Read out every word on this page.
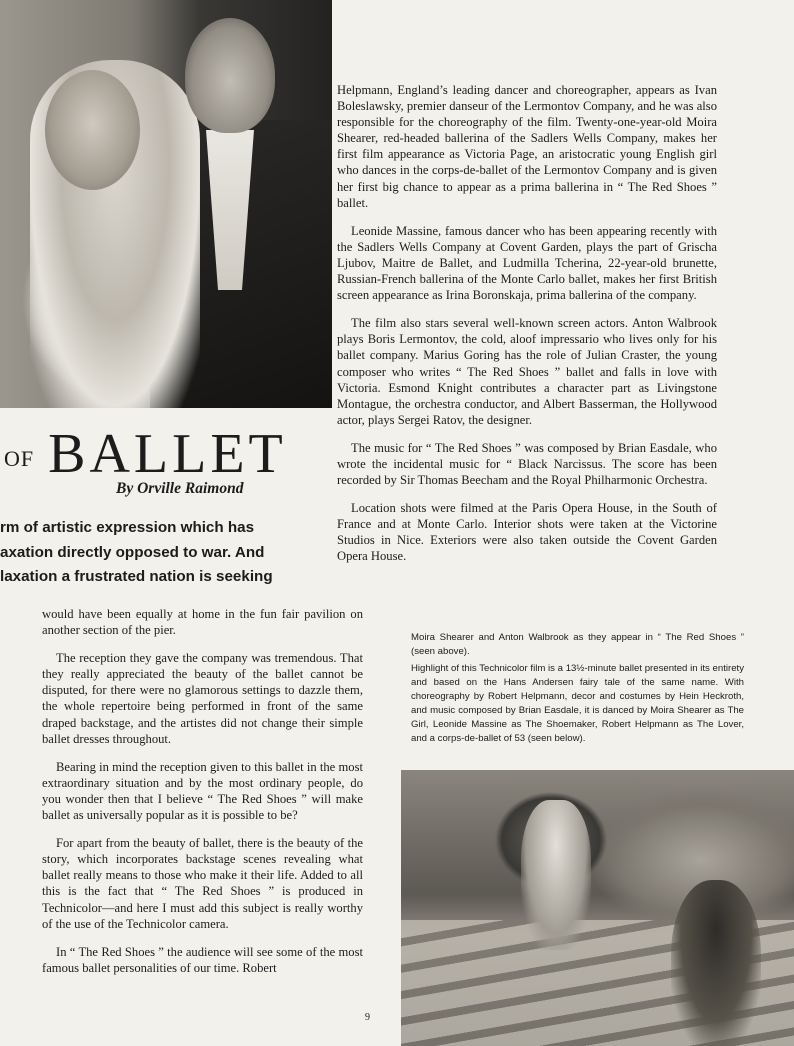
Helpmann, England’s leading dancer and choreographer, appears as Ivan Boleslawsky, premier danseur of the Lermontov Company, and he was also responsible for the choreography of the film. Twenty-one-year-old Moira Shearer, red-headed ballerina of the Sadlers Wells Company, makes her first film appearance as Victoria Page, an aristocratic young English girl who dances in the corps-de-ballet of the Lermontov Company and is given her first big chance to appear as a prima ballerina in “ The Red Shoes ” ballet.

Leonide Massine, famous dancer who has been appearing recently with the Sadlers Wells Company at Covent Garden, plays the part of Grischa Ljubov, Maitre de Ballet, and Ludmilla Tcherina, 22-year-old brunette, Russian-French ballerina of the Monte Carlo ballet, makes her first British screen appearance as Irina Boronskaja, prima ballerina of the company.

The film also stars several well-known screen actors. Anton Walbrook plays Boris Lermontov, the cold, aloof impressario who lives only for his ballet company. Marius Goring has the role of Julian Craster, the young composer who writes “ The Red Shoes ” ballet and falls in love with Victoria. Esmond Knight contributes a character part as Livingstone Montague, the orchestra conductor, and Albert Basserman, the Hollywood actor, plays Sergei Ratov, the designer.

The music for “ The Red Shoes ” was composed by Brian Easdale, who wrote the incidental music for “ Black Narcissus. The score has been recorded by Sir Thomas Beecham and the Royal Philharmonic Orchestra.

Location shots were filmed at the Paris Opera House, in the South of France and at Monte Carlo. Interior shots were taken at the Victorine Studios in Nice. Exteriors were also taken outside the Covent Garden Opera House.

OF BALLET
By Orville Raimond
rm of artistic expression which has
axation directly opposed to war. And
laxation a frustrated nation is seeking

would have been equally at home in the fun fair pavilion on another section of the pier.

The reception they gave the company was tremendous. That they really appreciated the beauty of the ballet cannot be disputed, for there were no glamorous settings to dazzle them, the whole repertoire being performed in front of the same draped backstage, and the artistes did not change their simple ballet dresses throughout.

Bearing in mind the reception given to this ballet in the most extraordinary situation and by the most ordinary people, do you wonder then that I believe “ The Red Shoes ” will make ballet as universally popular as it is possible to be?

For apart from the beauty of ballet, there is the beauty of the story, which incorporates backstage scenes revealing what ballet really means to those who make it their life. Added to all this is the fact that “ The Red Shoes ” is produced in Technicolor—and here I must add this subject is really worthy of the use of the Technicolor camera.

In “ The Red Shoes ” the audience will see some of the most famous ballet personalities of our time. Robert

Moira Shearer and Anton Walbrook as they appear in “ The Red Shoes ” (seen above).

Highlight of this Technicolor film is a 13½-minute ballet presented in its entirety and based on the Hans Andersen fairy tale of the same name. With choreography by Robert Helpmann, decor and costumes by Hein Heckroth, and music composed by Brian Easdale, it is danced by Moira Shearer as The Girl, Leonide Massine as The Shoemaker, Robert Helpmann as The Lover, and a corps-de-ballet of 53 (seen below).

9
